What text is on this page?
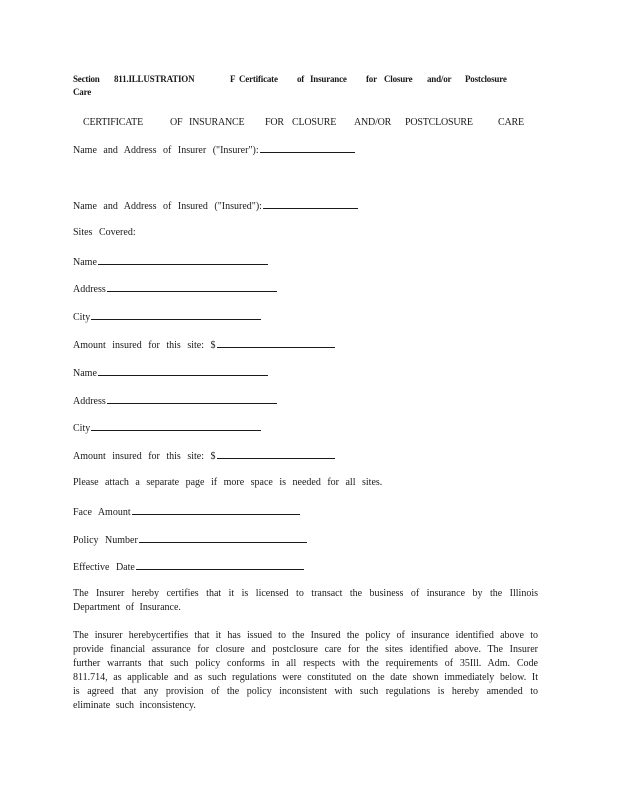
Section 811.ILLUSTRATION	F Certificate of Insurance for Closure and/or Postclosure
Care
CERTIFICATE	OF INSURANCE FOR CLOSURE AND/OR POSTCLOSURE	CARE
Name and Address of Insurer ("Insurer"):
Name and Address of Insured ("Insured"):
Sites Covered:
Name
Address
City
Amount insured for this site: $
Name
Address
City
Amount insured for this site: $
Please attach a separate page if more space is needed for all sites.
Face Amount
Policy Number
Effective Date
The Insurer hereby certifies that it is licensed to transact the business of insurance by the Illinois Department of Insurance.
The insurer herebycertifies that it has issued to the Insured the policy of insurance identified above to provide financial assurance for closure and postclosure care for the sites identified above. The Insurer further warrants that such policy conforms in all respects with the requirements of 35Ill. Adm. Code 811.714, as applicable and as such regulations were constituted on the date shown immediately below. It is agreed that any provision of the policy inconsistent with such regulations is hereby amended to eliminate such inconsistency.
